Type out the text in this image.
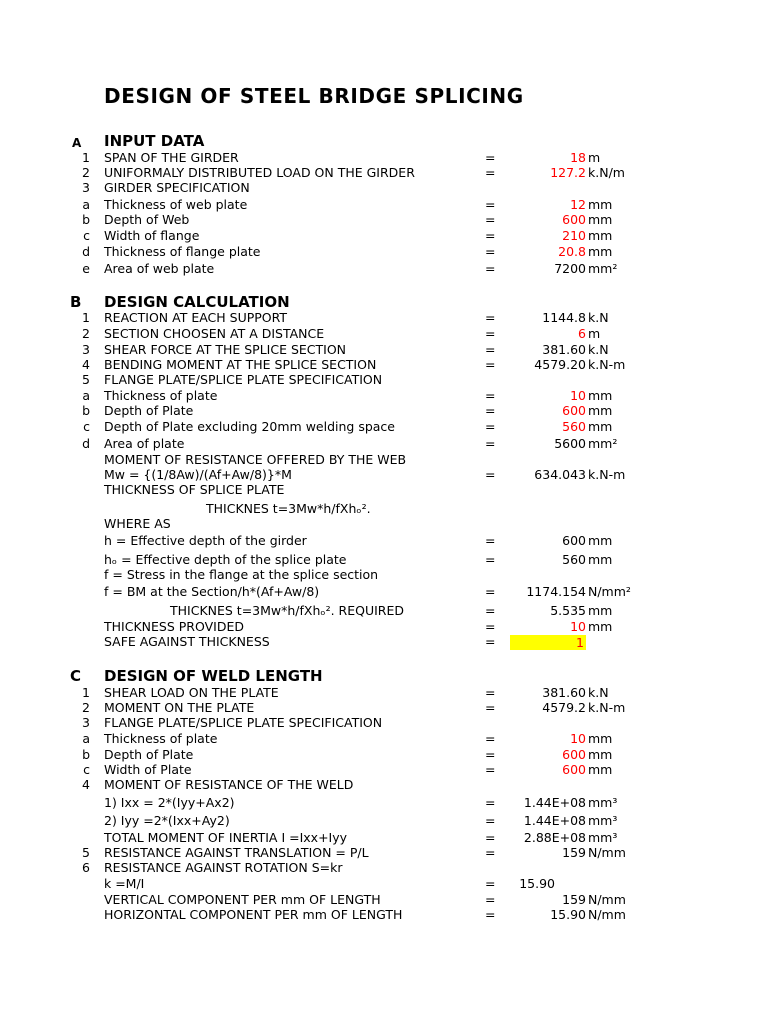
DESIGN OF STEEL BRIDGE SPLICING
A INPUT DATA
1 SPAN OF THE GIRDER	=	18 m
2 UNIFORMALY DISTRIBUTED LOAD ON THE GIRDER	=	127.2 k.N/m
3 GIRDER SPECIFICATION
a Thickness of web plate	=	12 mm
b Depth of Web	=	600 mm
c Width of flange	=	210 mm
d Thickness of flange plate	=	20.8 mm
e Area of web plate	=	7200 mm²
B DESIGN CALCULATION
1 REACTION AT EACH SUPPORT	=	1144.8 k.N
2 SECTION CHOOSEN AT A DISTANCE	=	6 m
3 SHEAR FORCE AT THE SPLICE SECTION	=	381.60 k.N
4 BENDING MOMENT AT THE SPLICE SECTION	=	4579.20 k.N-m
5 FLANGE PLATE/SPLICE PLATE SPECIFICATION
a Thickness of plate	=	10 mm
b Depth of Plate	=	600 mm
c Depth of Plate excluding 20mm welding space	=	560 mm
d Area of plate	=	5600 mm²
MOMENT OF RESISTANCE OFFERED BY THE WEB
Mw = {(1/8Aw)/(Af+Aw/8)}*M	=	634.043 k.N-m
THICKNESS OF SPLICE PLATE
THICKNES t=3Mw*h/fXhₒ².
WHERE AS
h = Effective depth of the girder	=	600 mm
hₒ = Effective depth of the splice plate	=	560 mm
f = Stress in the flange at the splice section
f = BM at the Section/h*(Af+Aw/8)	= 1174.154 N/mm²
THICKNES t=3Mw*h/fXhₒ². REQUIRED	=	5.535 mm
THICKNESS PROVIDED	=	10 mm
SAFE AGAINST THICKNESS	=	1
C DESIGN OF WELD LENGTH
1 SHEAR LOAD ON THE PLATE	=	381.60 k.N
2 MOMENT ON THE PLATE	=	4579.2 k.N-m
3 FLANGE PLATE/SPLICE PLATE SPECIFICATION
a Thickness of plate	=	10 mm
b Depth of Plate	=	600 mm
c Width of Plate	=	600 mm
4 MOMENT OF RESISTANCE OF THE WELD
1) Ixx = 2*(Iyy+Ax2)	= 1.44E+08 mm³
2) Iyy =2*(Ixx+Ay2)	= 1.44E+08 mm³
TOTAL MOMENT OF INERTIA I =Ixx+Iyy	= 2.88E+08 mm³
5 RESISTANCE AGAINST TRANSLATION = P/L	=	159 N/mm
6 RESISTANCE AGAINST ROTATION S=kr
k =M/I	= 15.90
VERTICAL COMPONENT PER mm OF LENGTH	=	159 N/mm
HORIZONTAL COMPONENT PER mm OF LENGTH	=	15.90 N/mm
